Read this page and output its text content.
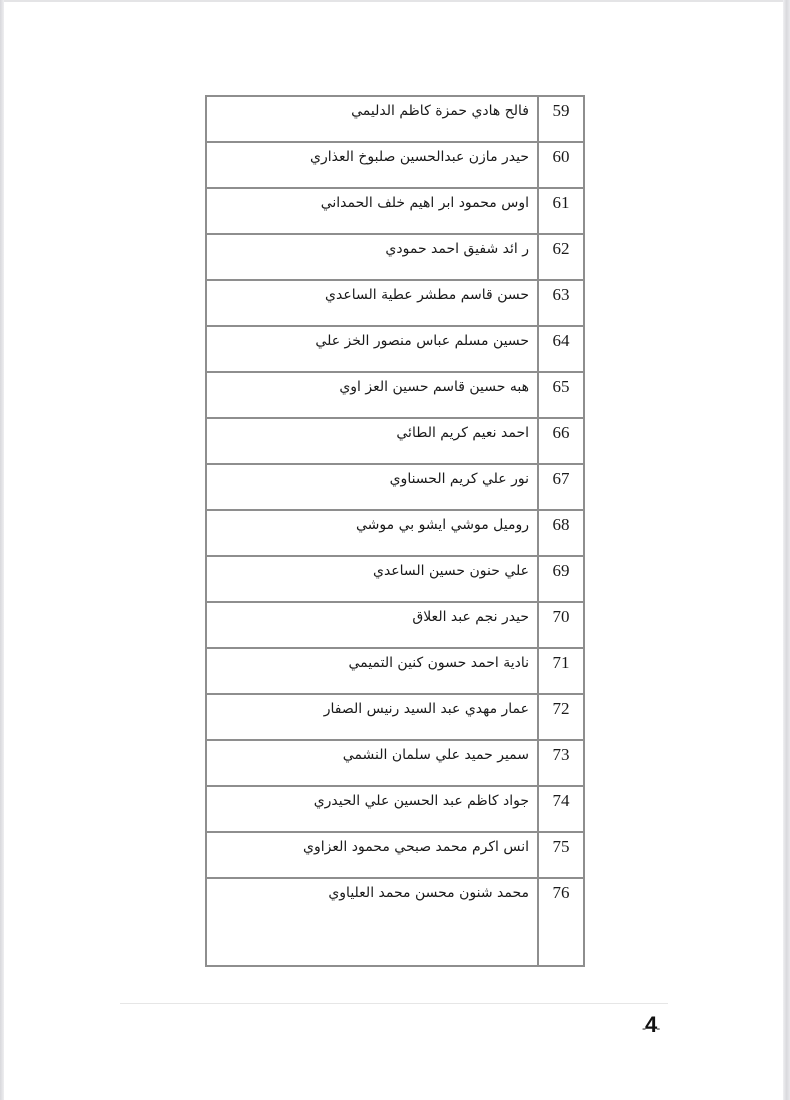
59	فالح هادي حمزة كاظم الدليمي
60	حيدر مازن عبدالحسين صلبوخ العذاري
61	اوس محمود ابر اهيم خلف الحمداني
62	ر ائد شفيق احمد حمودي
63	حسن قاسم مطشر عطية الساعدي
64	حسين مسلم عباس منصور الخز علي
65	هبه حسين قاسم حسين العز اوي
66	احمد نعيم كريم الطائي
67	نور علي كريم الحسناوي
68	روميل موشي ايشو بي موشي
69	علي حنون حسين الساعدي
70	حيدر نجم عبد العلاق
71	نادية احمد حسون كنين التميمي
72	عمار مهدي عبد السيد رنيس الصفار
73	سمير حميد علي سلمان النشمي
74	جواد كاظم عبد الحسين علي الحيدري
75	انس اكرم محمد صبحي محمود العزاوي
76	محمد شنون محسن محمد العلياوي
-4-
